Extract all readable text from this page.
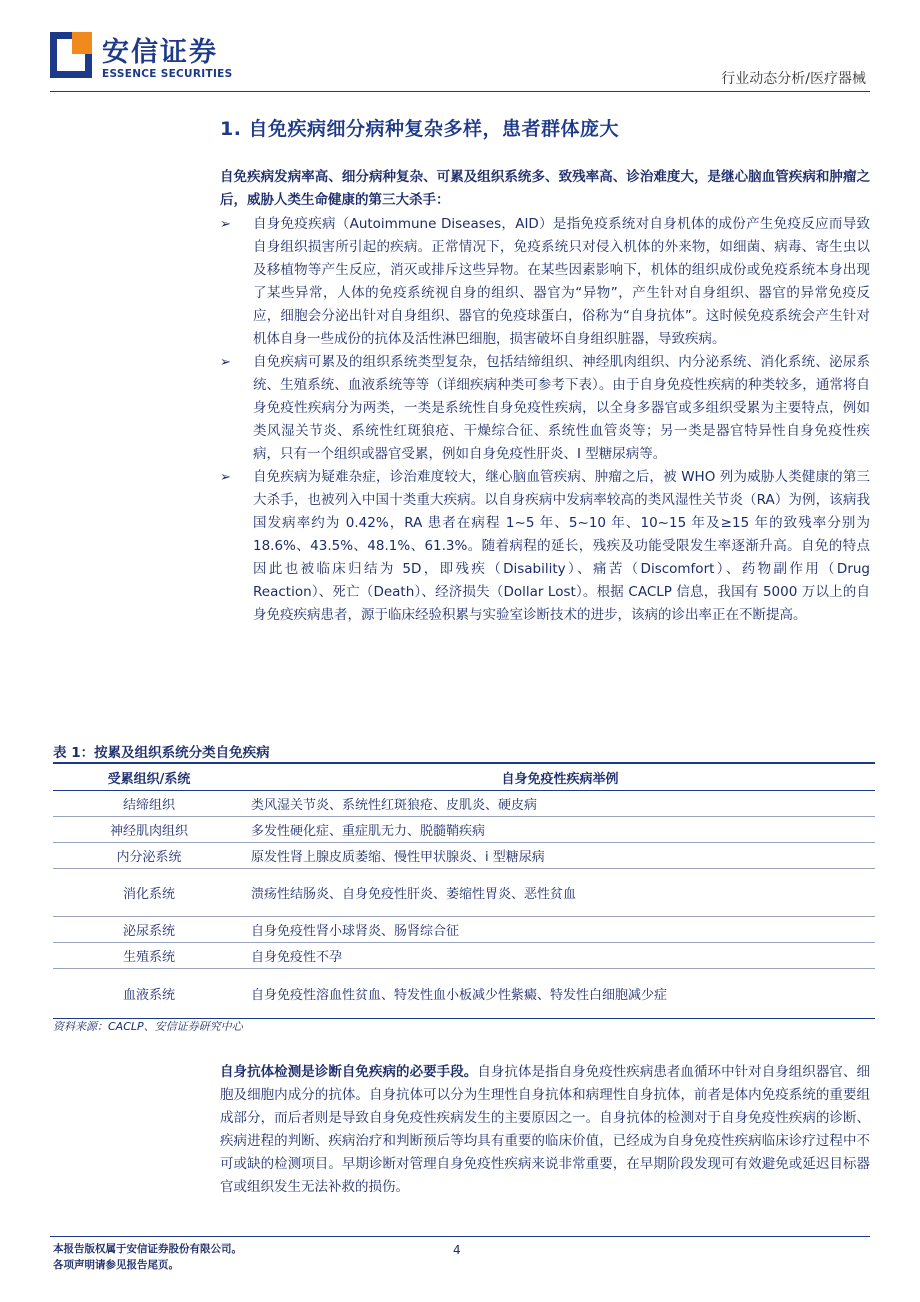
安信证券
ESSENCE SECURITIES	行业动态分析/医疗器械
1. 自免疾病细分病种复杂多样，患者群体庞大
自免疾病发病率高、细分病种复杂、可累及组织系统多、致残率高、诊治难度大，是继心脑血管疾病和肿瘤之后，威胁人类生命健康的第三大杀手：
➢ 自身免疫疾病（Autoimmune Diseases，AID）是指免疫系统对自身机体的成份产生免疫反应而导致自身组织损害所引起的疾病。正常情况下，免疫系统只对侵入机体的外来物，如细菌、病毒、寄生虫以及移植物等产生反应，消灭或排斥这些异物。在某些因素影响下，机体的组织成份或免疫系统本身出现了某些异常，人体的免疫系统视自身的组织、器官为“异物”，产生针对自身组织、器官的异常免疫反应，细胞会分泌出针对自身组织、器官的免疫球蛋白，俗称为“自身抗体”。这时候免疫系统会产生针对机体自身一些成份的抗体及活性淋巴细胞，损害破坏自身组织脏器，导致疾病。
➢ 自免疾病可累及的组织系统类型复杂，包括结缔组织、神经肌肉组织、内分泌系统、消化系统、泌尿系统、生殖系统、血液系统等等（详细疾病种类可参考下表）。由于自身免疫性疾病的种类较多，通常将自身免疫性疾病分为两类，一类是系统性自身免疫性疾病，以全身多器官或多组织受累为主要特点，例如类风湿关节炎、系统性红斑狼疮、干燥综合征、系统性血管炎等；另一类是器官特异性自身免疫性疾病，只有一个组织或器官受累，例如自身免疫性肝炎、I 型糖尿病等。
➢ 自免疾病为疑难杂症，诊治难度较大，继心脑血管疾病、肿瘤之后，被 WHO 列为威胁人类健康的第三大杀手，也被列入中国十类重大疾病。以自身疾病中发病率较高的类风湿性关节炎（RA）为例，该病我国发病率约为 0.42%，RA 患者在病程 1~5 年、5~10 年、10~15 年及≥15 年的致残率分别为 18.6%、43.5%、48.1%、61.3%。随着病程的延长，残疾及功能受限发生率逐渐升高。自免的特点因此也被临床归结为 5D，即残疾（Disability）、痛苦（Discomfort）、药物副作用（Drug Reaction）、死亡（Death）、经济损失（Dollar Lost）。根据 CACLP 信息，我国有 5000 万以上的自身免疫疾病患者，源于临床经验积累与实验室诊断技术的进步，该病的诊出率正在不断提高。
表 1：按累及组织系统分类自免疾病
受累组织/系统	自身免疫性疾病举例
结缔组织	类风湿关节炎、系统性红斑狼疮、皮肌炎、硬皮病
神经肌肉组织	多发性硬化症、重症肌无力、脱髓鞘疾病
内分泌系统	原发性肾上腺皮质萎缩、慢性甲状腺炎、i 型糖尿病
消化系统	溃疡性结肠炎、自身免疫性肝炎、萎缩性胃炎、恶性贫血
泌尿系统	自身免疫性肾小球肾炎、肠肾综合征
生殖系统	自身免疫性不孕
血液系统	自身免疫性溶血性贫血、特发性血小板减少性紫癜、特发性白细胞减少症
资料来源：CACLP、安信证券研究中心
自身抗体检测是诊断自免疾病的必要手段。自身抗体是指自身免疫性疾病患者血循环中针对自身组织器官、细胞及细胞内成分的抗体。自身抗体可以分为生理性自身抗体和病理性自身抗体，前者是体内免疫系统的重要组成部分，而后者则是导致自身免疫性疾病发生的主要原因之一。自身抗体的检测对于自身免疫性疾病的诊断、疾病进程的判断、疾病治疗和判断预后等均具有重要的临床价值，已经成为自身免疫性疾病临床诊疗过程中不可或缺的检测项目。早期诊断对管理自身免疫性疾病来说非常重要，在早期阶段发现可有效避免或延迟目标器官或组织发生无法补救的损伤。
本报告版权属于安信证券股份有限公司。
各项声明请参见报告尾页。
4
